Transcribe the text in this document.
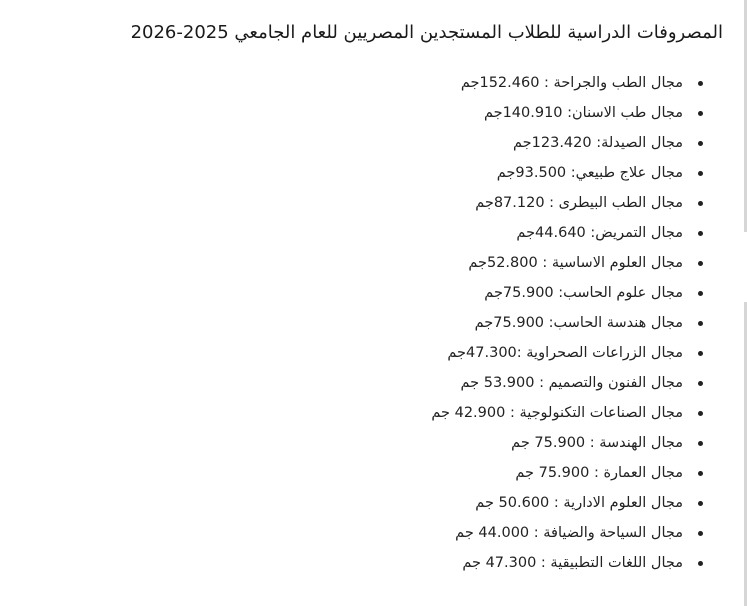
المصروفات الدراسية للطلاب المستجدين المصريين للعام الجامعي 2025-2026
مجال الطب والجراحة : 152.460جم
مجال طب الاسنان: 140.910جم
مجال الصيدلة: 123.420جم
مجال علاج طبيعي: 93.500جم
مجال الطب البيطرى : 87.120جم
مجال التمريض: 44.640جم
مجال العلوم الاساسية : 52.800جم
مجال علوم الحاسب: 75.900جم
مجال هندسة الحاسب: 75.900جم
مجال الزراعات الصحراوية :47.300جم
مجال الفنون والتصميم : 53.900 جم
مجال الصناعات التكنولوجية : 42.900 جم
مجال الهندسة : 75.900 جم
مجال العمارة : 75.900 جم
مجال العلوم الادارية : 50.600 جم
مجال السياحة والضيافة : 44.000 جم
مجال اللغات التطبيقية : 47.300 جم
